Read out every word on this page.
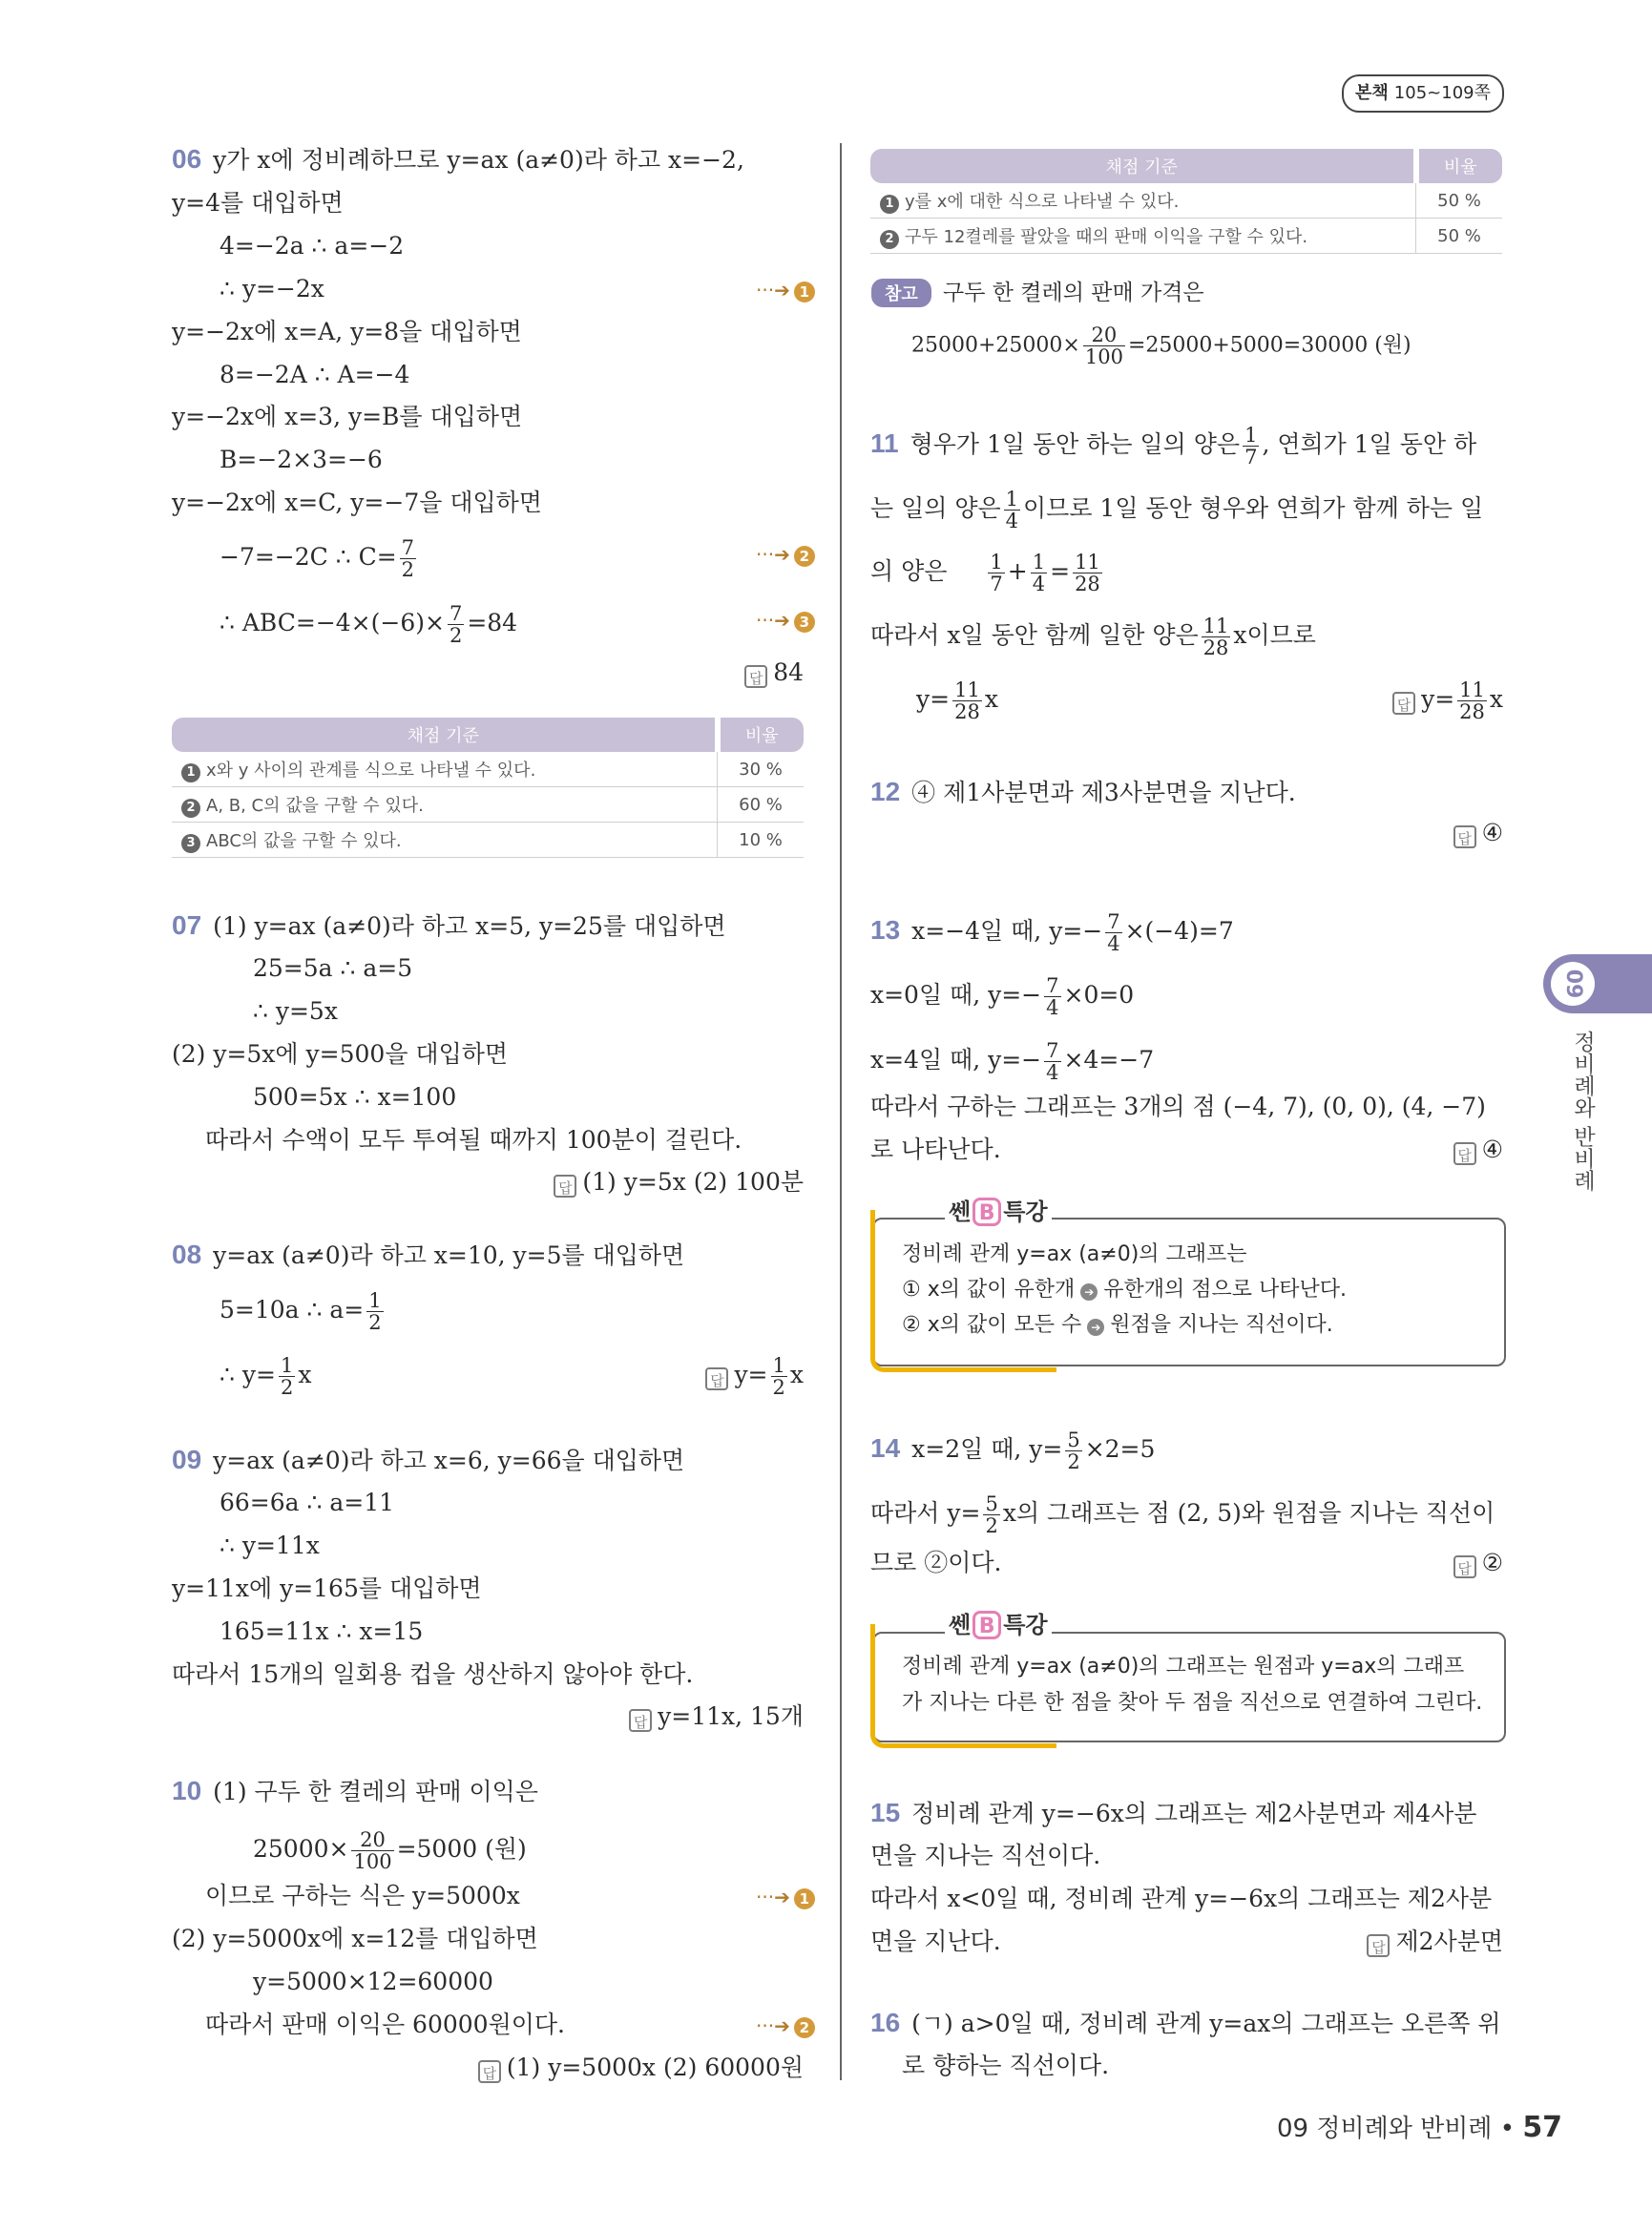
본책 105~109쪽
09
정비례와 반비례
06 y가 x에 정비례하므로 y=ax (a≠0)라 하고 x=−2,
y=4를 대입하면
4=−2a ∴ a=−2
∴ y=−2x	···➔ 1
y=−2x에 x=A, y=8을 대입하면
8=−2A ∴ A=−4
y=−2x에 x=3, y=B를 대입하면
B=−2×3=−6
y=−2x에 x=C, y=−7을 대입하면
−7=−2C ∴ $C= \frac{7}{2}$	···➔ 2
∴ $ABC=-4\times(-6)\times \frac{7}{2} =84$	···➔ 3
답 84
채점 기준	비율
1 x와 y 사이의 관계를 식으로 나타낼 수 있다.	30 %
2 A, B, C의 값을 구할 수 있다.	60 %
3 ABC의 값을 구할 수 있다.	10 %
07 (1) y=ax (a≠0)라 하고 x=5, y=25를 대입하면
25=5a ∴ a=5
∴ y=5x
(2) y=5x에 y=500을 대입하면
500=5x ∴ x=100
따라서 수액이 모두 투여될 때까지 100분이 걸린다.
답 (1) y=5x (2) 100분
08 y=ax (a≠0)라 하고 x=10, y=5를 대입하면
5=10a ∴ $a= \frac{1}{2}$
∴ $y= \frac{1}{2}$ x	답 $y= \frac{1}{2}$ x
09 y=ax (a≠0)라 하고 x=6, y=66을 대입하면
66=6a ∴ a=11
∴ y=11x
y=11x에 y=165를 대입하면
165=11x ∴ x=15
따라서 15개의 일회용 컵을 생산하지 않아야 한다.
답 y=11x, 15개
10 (1) 구두 한 켤레의 판매 이익은
$25000\times \frac{20}{100} =5000$ (원)
이므로 구하는 식은 y=5000x	···➔ 1
(2) y=5000x에 x=12를 대입하면
y=5000×12=60000
따라서 판매 이익은 60000원이다.	···➔ 2
답 (1) y=5000x (2) 60000원
채점 기준	비율
1 y를 x에 대한 식으로 나타낼 수 있다.	50 %
2 구두 12켤레를 팔았을 때의 판매 이익을 구할 수 있다.	50 %
참고	구두 한 켤레의 판매 가격은
$25000+25000\times \frac{20}{100} =25000+5000=30000$ (원)
11 형우가 1일 동안 하는 일의 양은 $\frac{1}{7}$ , 연희가 1일 동안 하
는 일의 양은 $\frac{1}{4}$ 이므로 1일 동안 형우와 연희가 함께 하는 일
의 양은 $\frac{1}{7} + \frac{1}{4} = \frac{11}{28}$
따라서 x일 동안 함께 일한 양은 $\frac{11}{28}$ x이므로
$y= \frac{11}{28}$ x	답 $y= \frac{11}{28}$ x
12 ④ 제1사분면과 제3사분면을 지난다.
답 ④
13 x=−4일 때, $y=- \frac{7}{4} \times(-4)=7$
x=0일 때, $y=- \frac{7}{4} \times 0=0$
x=4일 때, $y=- \frac{7}{4} \times 4=-7$
따라서 구하는 그래프는 3개의 점 (−4, 7), (0, 0), (4, −7)
로 나타난다.	답 ④
쎈 B 특강
정비례 관계 y=ax (a≠0)의 그래프는
① x의 값이 유한개 ➔ 유한개의 점으로 나타난다.
② x의 값이 모든 수 ➔ 원점을 지나는 직선이다.
14 x=2일 때, $y= \frac{5}{2} \times 2=5$
따라서 $y= \frac{5}{2}$ x의 그래프는 점 (2, 5)와 원점을 지나는 직선이
므로 ②이다.	답 ②
쎈 B 특강
정비례 관계 y=ax (a≠0)의 그래프는 원점과 y=ax의 그래프
가 지나는 다른 한 점을 찾아 두 점을 직선으로 연결하여 그린다.
15 정비례 관계 y=−6x의 그래프는 제2사분면과 제4사분
면을 지나는 직선이다.
따라서 x<0일 때, 정비례 관계 y=−6x의 그래프는 제2사분
면을 지난다.	답 제2사분면
16 (ㄱ) a>0일 때, 정비례 관계 y=ax의 그래프는 오른쪽 위
로 향하는 직선이다.
09 정비례와 반비례 • 57
